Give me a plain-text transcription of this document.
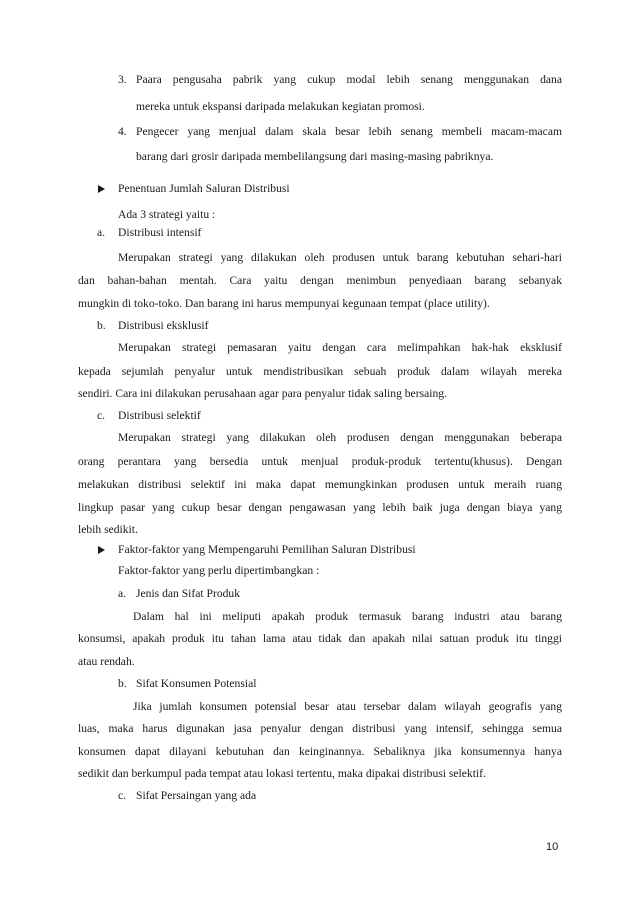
3. Paara pengusaha pabrik yang cukup modal lebih senang menggunakan dana
mereka untuk ekspansi daripada melakukan kegiatan promosi.
4. Pengecer yang menjual dalam skala besar lebih senang membeli macam-macam
barang dari grosir daripada membelilangsung dari masing-masing pabriknya.
Penentuan Jumlah Saluran Distribusi
Ada 3 strategi yaitu :
a. Distribusi intensif
Merupakan strategi yang dilakukan oleh produsen untuk barang kebutuhan sehari-hari
dan bahan-bahan mentah. Cara yaitu dengan menimbun penyediaan barang sebanyak
mungkin di toko-toko. Dan barang ini harus mempunyai kegunaan tempat (place utility).
b. Distribusi eksklusif
Merupakan strategi pemasaran yaitu dengan cara melimpahkan hak-hak eksklusif
kepada sejumlah penyalur untuk mendistribusikan sebuah produk dalam wilayah mereka
sendiri. Cara ini dilakukan perusahaan agar para penyalur tidak saling bersaing.
c. Distribusi selektif
Merupakan strategi yang dilakukan oleh produsen dengan menggunakan beberapa
orang perantara yang bersedia untuk menjual produk-produk tertentu(khusus). Dengan
melakukan distribusi selektif ini maka dapat memungkinkan produsen untuk meraih ruang
lingkup pasar yang cukup besar dengan pengawasan yang lebih baik juga dengan biaya yang
lebih sedikit.
Faktor-faktor yang Mempengaruhi Pemilihan Saluran Distribusi
Faktor-faktor yang perlu dipertimbangkan :
a. Jenis dan Sifat Produk
Dalam hal ini meliputi apakah produk termasuk barang industri atau barang
konsumsi, apakah produk itu tahan lama atau tidak dan apakah nilai satuan produk itu tinggi
atau rendah.
b. Sifat Konsumen Potensial
Jika jumlah konsumen potensial besar atau tersebar dalam wilayah geografis yang
luas, maka harus digunakan jasa penyalur dengan distribusi yang intensif, sehingga semua
konsumen dapat dilayani kebutuhan dan keinginannya. Sebaliknya jika konsumennya hanya
sedikit dan berkumpul pada tempat atau lokasi tertentu, maka dipakai distribusi selektif.
c. Sifat Persaingan yang ada
10
